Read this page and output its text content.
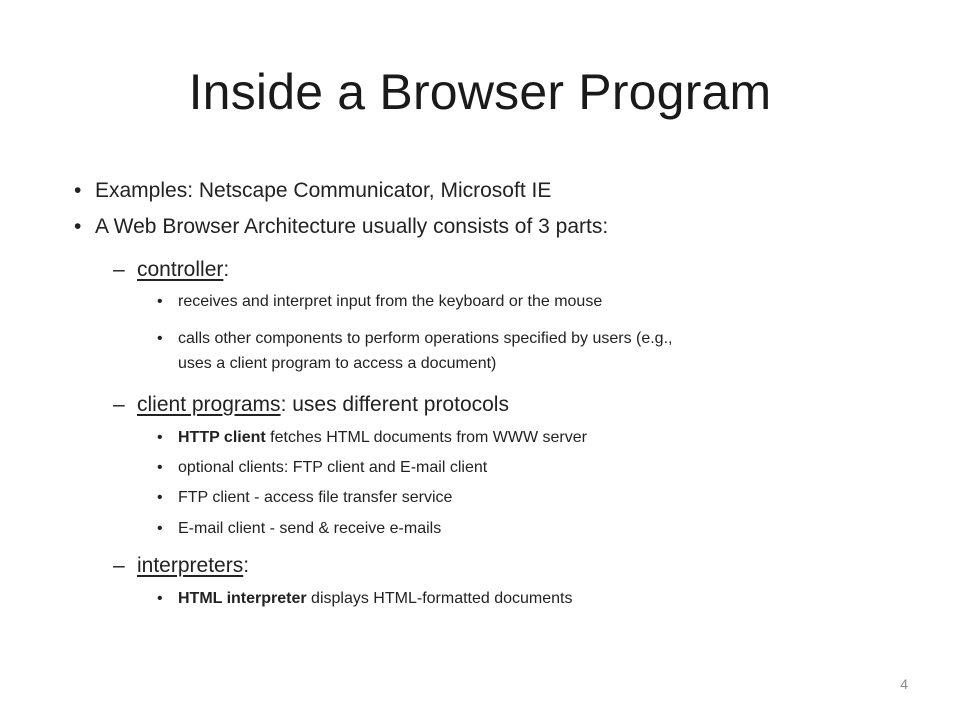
Inside a Browser Program
• Examples: Netscape Communicator, Microsoft IE
• A Web Browser Architecture usually consists of 3 parts:
– controller:
• receives and interpret input from the keyboard or the mouse
• calls other components to perform operations specified by users (e.g.,
uses a client program to access a document)
– client programs: uses different protocols
• HTTP client fetches HTML documents from WWW server
• optional clients: FTP client and E-mail client
• FTP client - access file transfer service
• E-mail client - send & receive e-mails
– interpreters:
• HTML interpreter displays HTML-formatted documents
4
